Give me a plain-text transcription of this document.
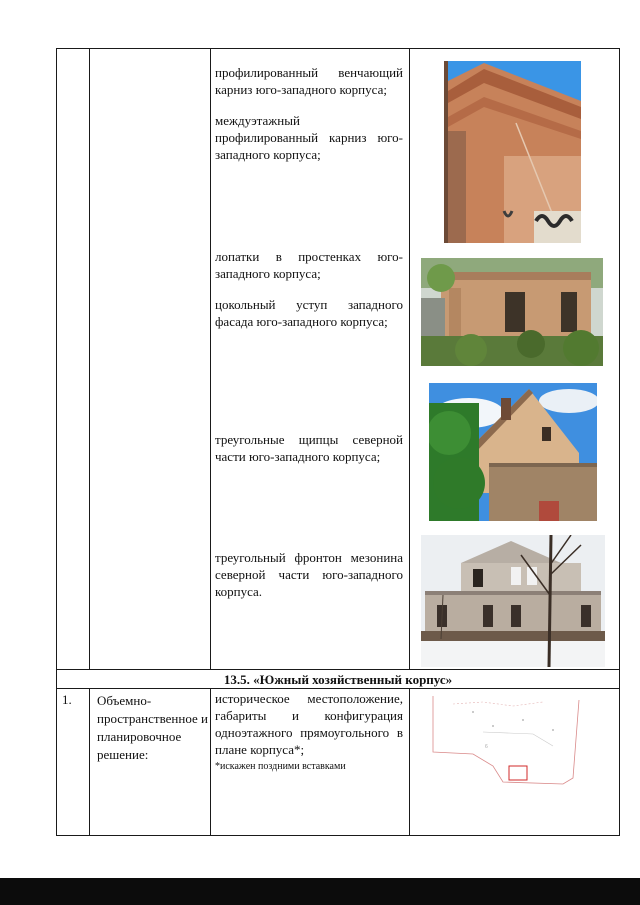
профилированный венчающий карниз юго-западного корпуса;

междуэтажный профилированный карниз юго-западного корпуса;

лопатки в простенках юго-западного корпуса;

цокольный уступ западного фасада юго-западного корпуса;

треугольные щипцы северной части юго-западного корпуса;

треугольный фронтон мезонина северной части юго-западного корпуса.

13.5. «Южный хозяйственный корпус»
1. Объемно-пространственное и планировочное решение:
историческое местоположение, габариты и конфигурация одноэтажного прямоугольного в плане корпуса*;
*искажен поздними вставками
6
